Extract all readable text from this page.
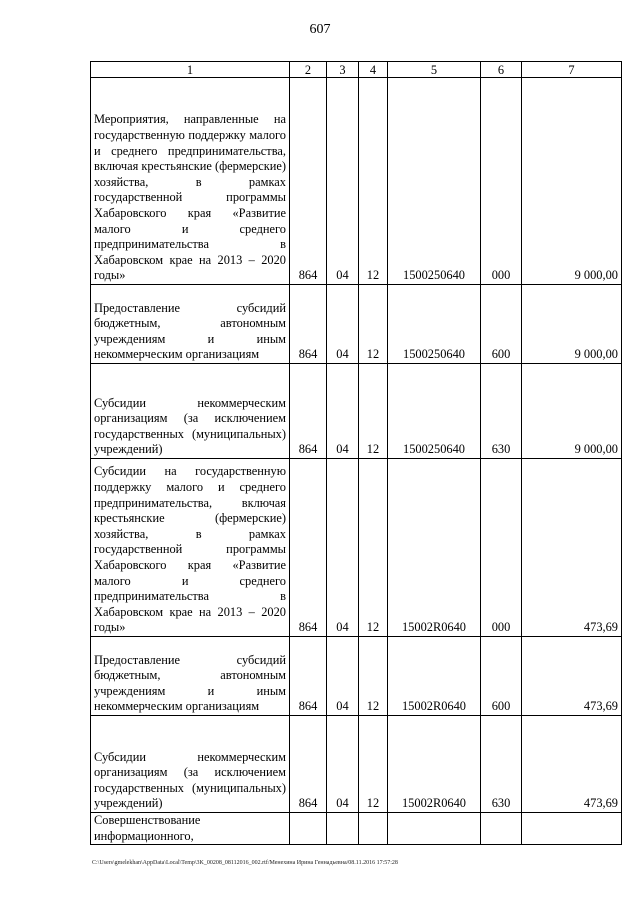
607
1	2	3	4	5	6	7
Мероприятия, направленные на государственную поддержку малого и среднего предпринимательства, включая крестьянские (фермерские) хозяйства, в рамках государственной программы Хабаровского края «Развитие малого и среднего предпринимательства в Хабаровском крае на 2013 – 2020 годы»	864	04	12	1500250640	000	9 000,00
Предоставление субсидий бюджетным, автономным учреждениям и иным некоммерческим организациям	864	04	12	1500250640	600	9 000,00
Субсидии некоммерческим организациям (за исключением государственных (муниципальных) учреждений)	864	04	12	1500250640	630	9 000,00
Субсидии на государственную поддержку малого и среднего предпринимательства, включая крестьянские (фермерские) хозяйства, в рамках государственной программы Хабаровского края «Развитие малого и среднего предпринимательства в Хабаровском крае на 2013 – 2020 годы»	864	04	12	15002R0640	000	473,69
Предоставление субсидий бюджетным, автономным учреждениям и иным некоммерческим организациям	864	04	12	15002R0640	600	473,69
Субсидии некоммерческим организациям (за исключением государственных (муниципальных) учреждений)	864	04	12	15002R0640	630	473,69
Совершенствование информационного,						
C:\Users\gmelekhan\AppData\Local\Temp\3K_00208_08112016_002.rtf/Менехина Ирина Геннадьевна/08.11.2016 17:57:28
